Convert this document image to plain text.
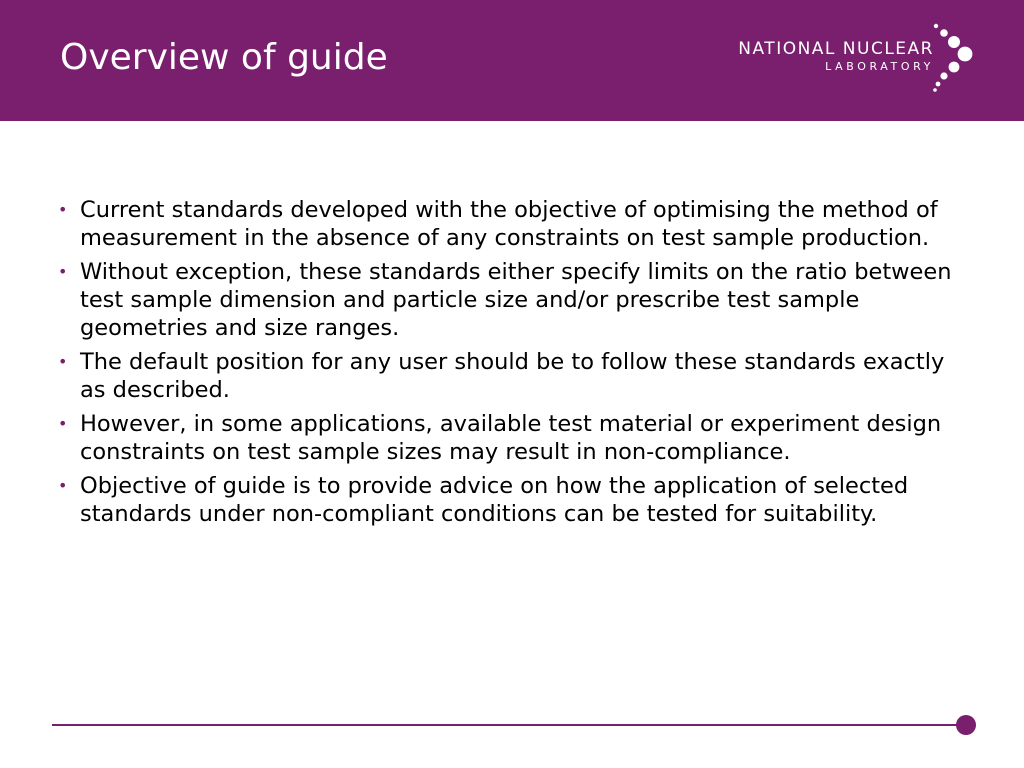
Overview of guide	NATIONAL NUCLEAR
LABORATORY
• Current standards developed with the objective of optimising the method of measurement in the absence of any constraints on test sample production.
• Without exception, these standards either specify limits on the ratio between test sample dimension and particle size and/or prescribe test sample geometries and size ranges.
• The default position for any user should be to follow these standards exactly as described.
• However, in some applications, available test material or experiment design constraints on test sample sizes may result in non-compliance.
• Objective of guide is to provide advice on how the application of selected standards under non-compliant conditions can be tested for suitability.
